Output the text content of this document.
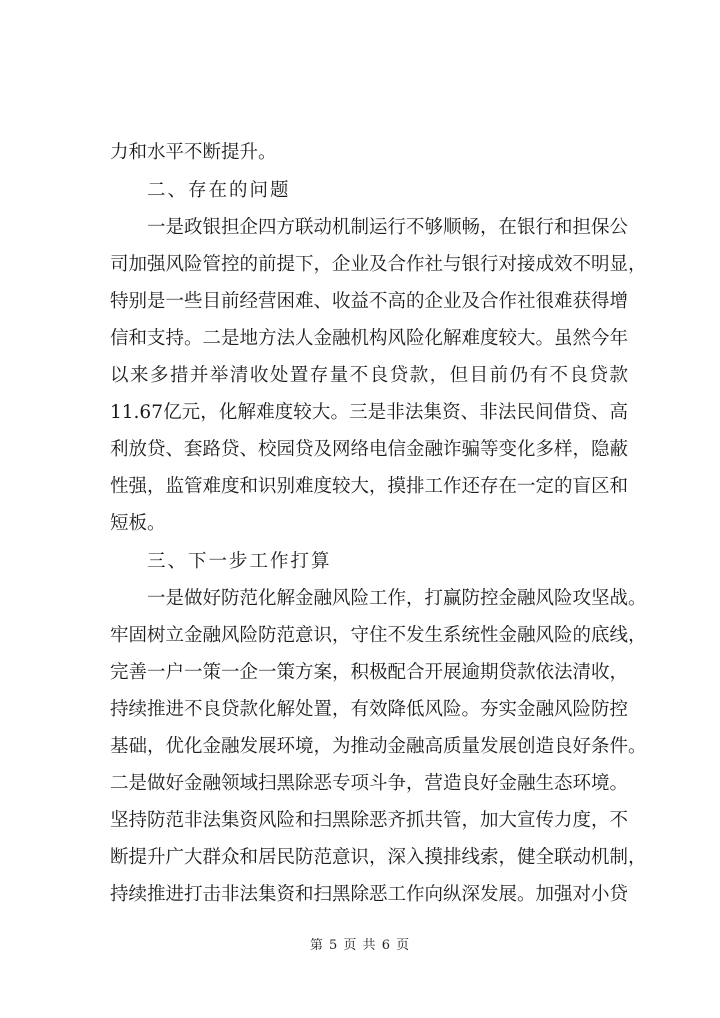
力和水平不断提升。
二、存在的问题
一是政银担企四方联动机制运行不够顺畅，在银行和担保公
司加强风险管控的前提下，企业及合作社与银行对接成效不明显，
特别是一些目前经营困难、收益不高的企业及合作社很难获得增
信和支持。二是地方法人金融机构风险化解难度较大。虽然今年
以来多措并举清收处置存量不良贷款，但目前仍有不良贷款
11.67亿元，化解难度较大。三是非法集资、非法民间借贷、高
利放贷、套路贷、校园贷及网络电信金融诈骗等变化多样，隐蔽
性强，监管难度和识别难度较大，摸排工作还存在一定的盲区和
短板。
三、下一步工作打算
一是做好防范化解金融风险工作，打赢防控金融风险攻坚战。
牢固树立金融风险防范意识，守住不发生系统性金融风险的底线，
完善一户一策一企一策方案，积极配合开展逾期贷款依法清收，
持续推进不良贷款化解处置，有效降低风险。夯实金融风险防控
基础，优化金融发展环境，为推动金融高质量发展创造良好条件。
二是做好金融领域扫黑除恶专项斗争，营造良好金融生态环境。
坚持防范非法集资风险和扫黑除恶齐抓共管，加大宣传力度，不
断提升广大群众和居民防范意识，深入摸排线索，健全联动机制，
持续推进打击非法集资和扫黑除恶工作向纵深发展。加强对小贷
第 5 页 共 6 页
